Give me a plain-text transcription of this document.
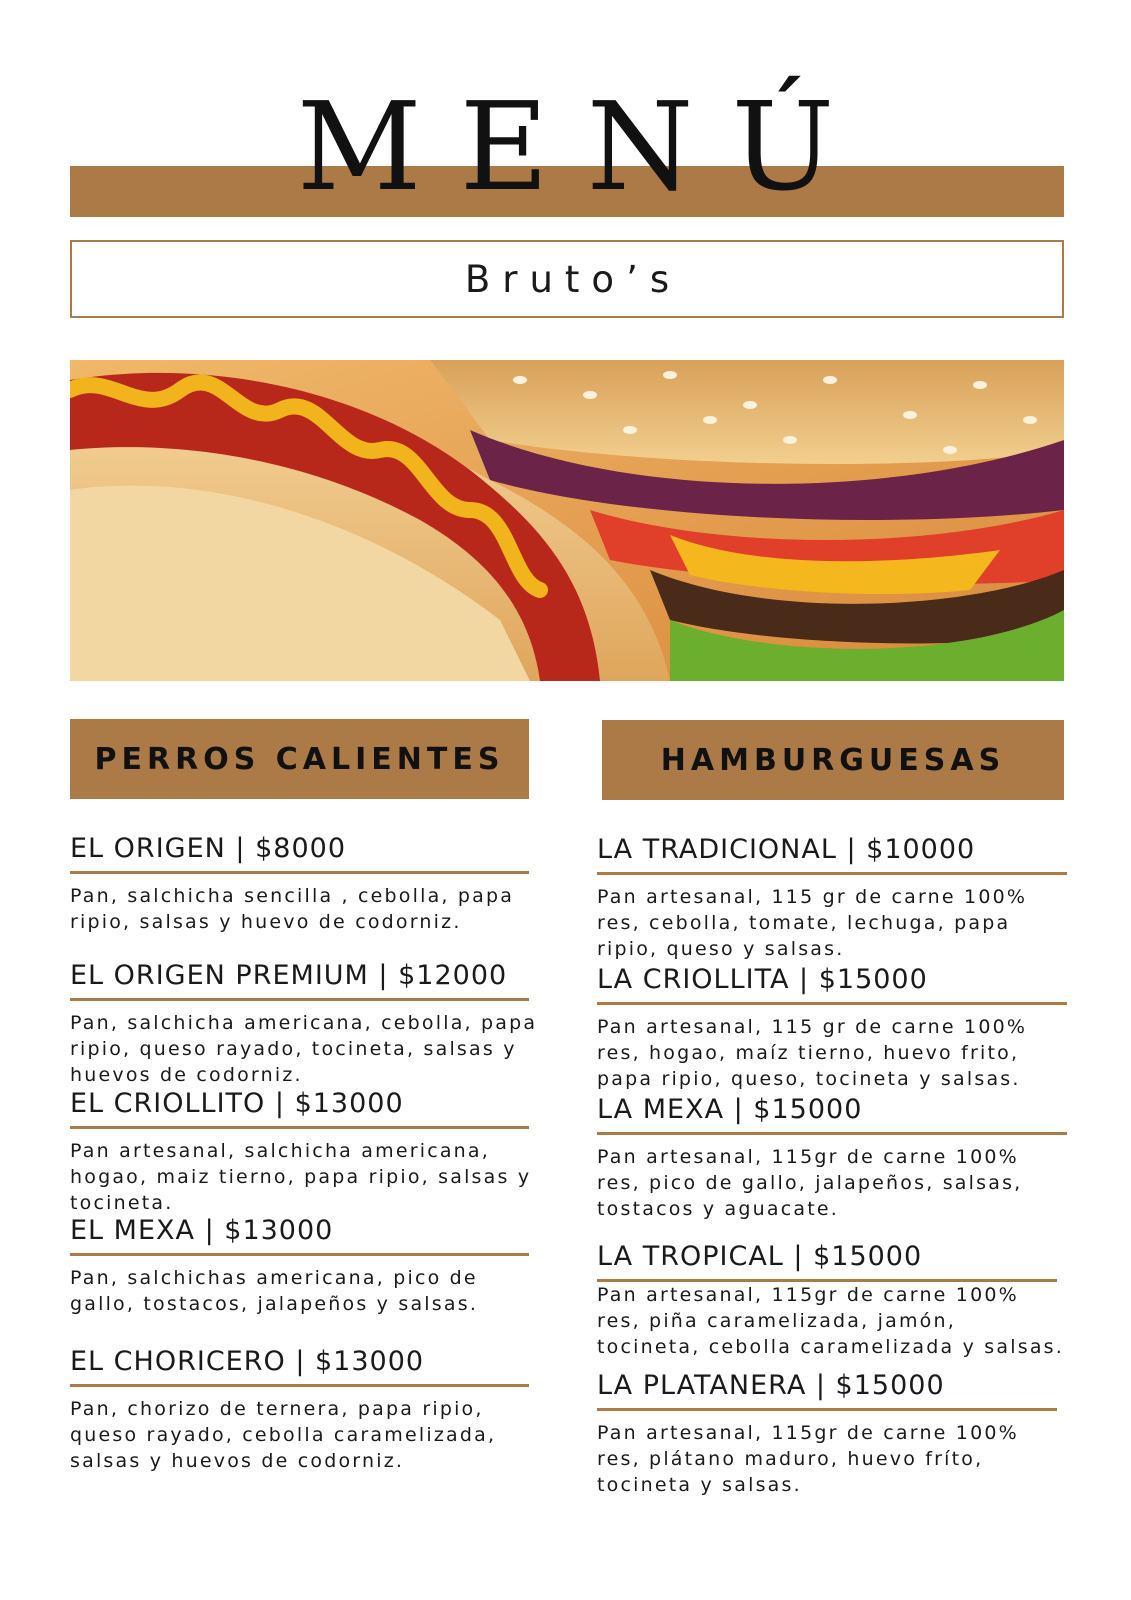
MENÚ
Bruto’s
PERROS CALIENTES
EL ORIGEN | $8000
Pan, salchicha sencilla , cebolla, papa ripio, salsas y huevo de codorniz.
EL ORIGEN PREMIUM | $12000
Pan, salchicha americana, cebolla, papa ripio, queso rayado, tocineta, salsas y huevos de codorniz.
EL CRIOLLITO | $13000
Pan artesanal, salchicha americana, hogao, maiz tierno, papa ripio, salsas y tocineta.
EL MEXA | $13000
Pan, salchichas americana, pico de gallo, tostacos, jalapeños y salsas.
EL CHORICERO | $13000
Pan, chorizo de ternera, papa ripio, queso rayado, cebolla caramelizada, salsas y huevos de codorniz.
HAMBURGUESAS
LA TRADICIONAL | $10000
Pan artesanal, 115 gr de carne 100% res, cebolla, tomate, lechuga, papa ripio, queso y salsas.
LA CRIOLLITA | $15000
Pan artesanal, 115 gr de carne 100% res, hogao, maíz tierno, huevo frito, papa ripio, queso, tocineta y salsas.
LA MEXA | $15000
Pan artesanal, 115gr de carne 100% res, pico de gallo, jalapeños, salsas, tostacos y aguacate.
LA TROPICAL | $15000
Pan artesanal, 115gr de carne 100% res, piña caramelizada, jamón, tocineta, cebolla caramelizada y salsas.
LA PLATANERA | $15000
Pan artesanal, 115gr de carne 100% res, plátano maduro, huevo fríto, tocineta y salsas.
